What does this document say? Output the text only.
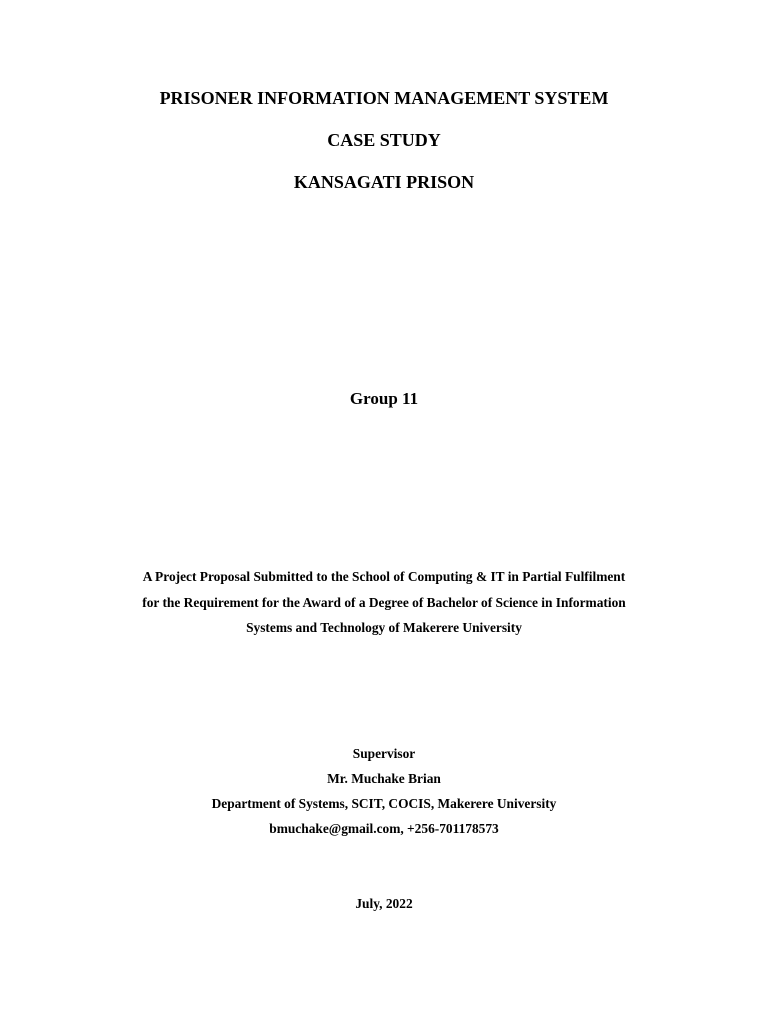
PRISONER INFORMATION MANAGEMENT SYSTEM
CASE STUDY
KANSAGATI PRISON
Group 11
A Project Proposal Submitted to the School of Computing & IT in Partial Fulfilment
for the Requirement for the Award of a Degree of Bachelor of Science in Information
Systems and Technology of Makerere University
Supervisor
Mr. Muchake Brian
Department of Systems, SCIT, COCIS, Makerere University
bmuchake@gmail.com, +256-701178573
July, 2022
